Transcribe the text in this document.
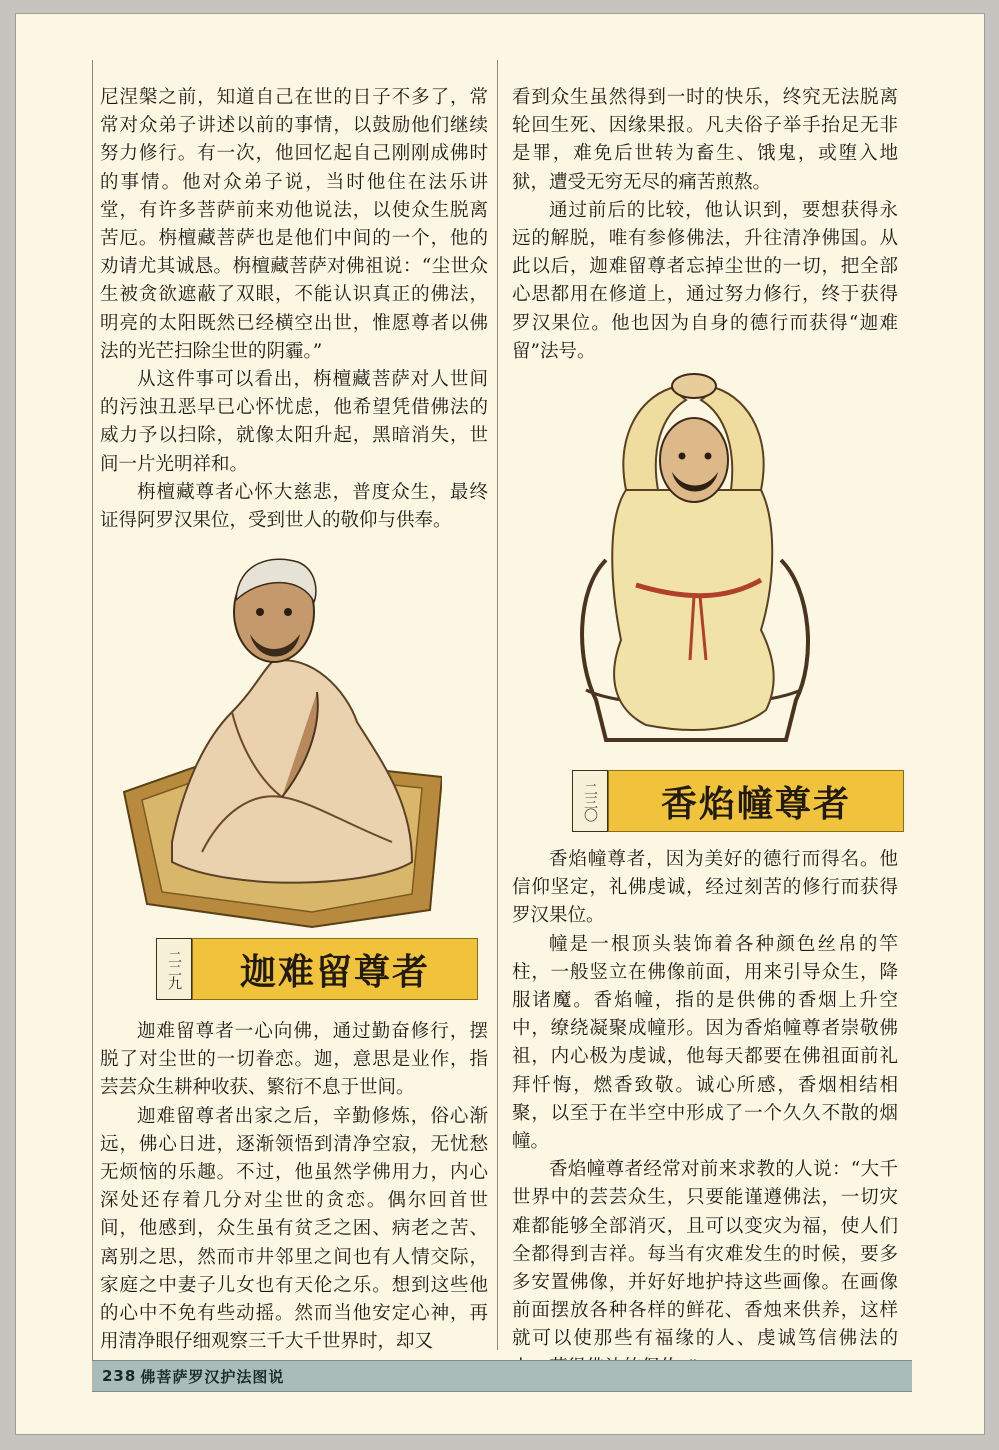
尼涅槃之前，知道自己在世的日子不多了，常常对众弟子讲述以前的事情，以鼓励他们继续努力修行。有一次，他回忆起自己刚刚成佛时的事情。他对众弟子说，当时他住在法乐讲堂，有许多菩萨前来劝他说法，以使众生脱离苦厄。栴檀藏菩萨也是他们中间的一个，他的劝请尤其诚恳。栴檀藏菩萨对佛祖说：“尘世众生被贪欲遮蔽了双眼，不能认识真正的佛法，明亮的太阳既然已经横空出世，惟愿尊者以佛法的光芒扫除尘世的阴霾。”

从这件事可以看出，栴檀藏菩萨对人世间的污浊丑恶早已心怀忧虑，他希望凭借佛法的威力予以扫除，就像太阳升起，黑暗消失，世间一片光明祥和。

栴檀藏尊者心怀大慈悲，普度众生，最终证得阿罗汉果位，受到世人的敬仰与供奉。

二二九	迦难留尊者

迦难留尊者一心向佛，通过勤奋修行，摆脱了对尘世的一切眷恋。迦，意思是业作，指芸芸众生耕种收获、繁衍不息于世间。

迦难留尊者出家之后，辛勤修炼，俗心渐远，佛心日进，逐渐领悟到清净空寂，无忧愁无烦恼的乐趣。不过，他虽然学佛用力，内心深处还存着几分对尘世的贪恋。偶尔回首世间，他感到，众生虽有贫乏之困、病老之苦、离别之思，然而市井邻里之间也有人情交际，家庭之中妻子儿女也有天伦之乐。想到这些他的心中不免有些动摇。然而当他安定心神，再用清净眼仔细观察三千大千世界时，却又

看到众生虽然得到一时的快乐，终究无法脱离轮回生死、因缘果报。凡夫俗子举手抬足无非是罪，难免后世转为畜生、饿鬼，或堕入地狱，遭受无穷无尽的痛苦煎熬。

通过前后的比较，他认识到，要想获得永远的解脱，唯有参修佛法，升往清净佛国。从此以后，迦难留尊者忘掉尘世的一切，把全部心思都用在修道上，通过努力修行，终于获得罗汉果位。他也因为自身的德行而获得“迦难留”法号。

二三〇	香焰幢尊者

香焰幢尊者，因为美好的德行而得名。他信仰坚定，礼佛虔诚，经过刻苦的修行而获得罗汉果位。

幢是一根顶头装饰着各种颜色丝帛的竿柱，一般竖立在佛像前面，用来引导众生，降服诸魔。香焰幢，指的是供佛的香烟上升空中，缭绕凝聚成幢形。因为香焰幢尊者崇敬佛祖，内心极为虔诚，他每天都要在佛祖面前礼拜忏悔，燃香致敬。诚心所感，香烟相结相聚，以至于在半空中形成了一个久久不散的烟幢。

香焰幢尊者经常对前来求教的人说：“大千世界中的芸芸众生，只要能谨遵佛法，一切灾难都能够全部消灭，且可以变灾为福，使人们全都得到吉祥。每当有灾难发生的时候，要多多安置佛像，并好好地护持这些画像。在画像前面摆放各种各样的鲜花、香烛来供养，这样就可以使那些有福缘的人、虔诚笃信佛法的

238 佛菩萨罗汉护法图说
